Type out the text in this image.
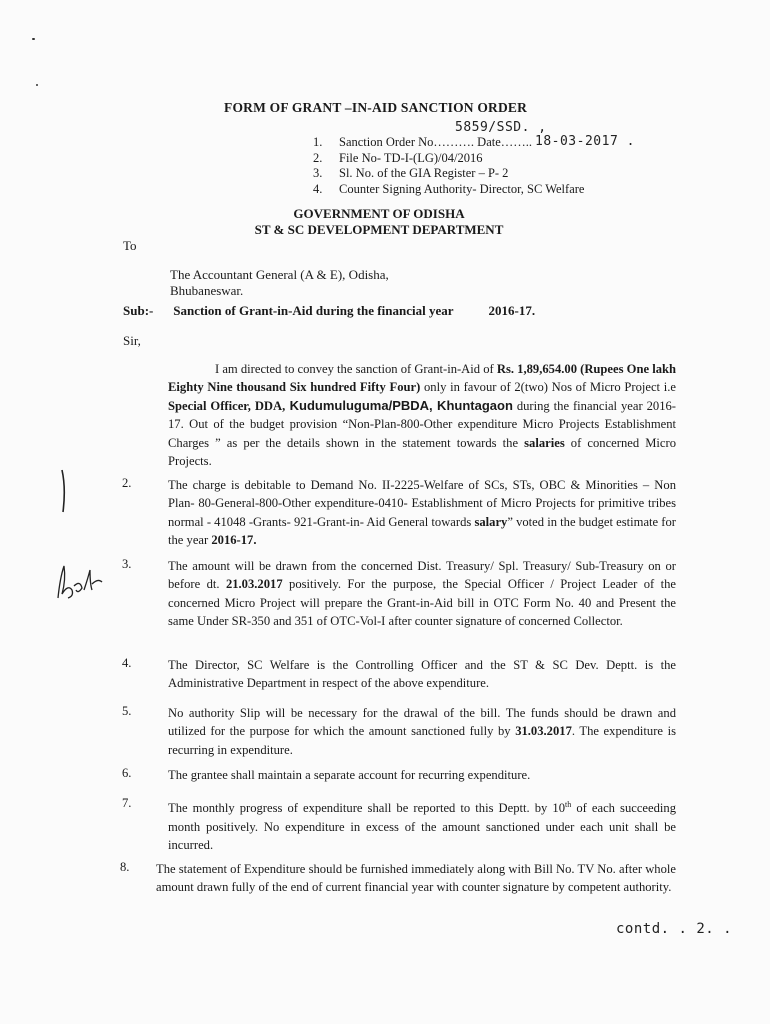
FORM OF GRANT –IN-AID SANCTION ORDER
5859/SSD. ,
18-03-2017 .
1.	Sanction Order No………. Date……..
2.	File No- TD-I-(LG)/04/2016
3.	Sl. No. of the GIA Register – P- 2
4.	Counter Signing Authority- Director, SC Welfare
GOVERNMENT OF ODISHA
ST & SC DEVELOPMENT DEPARTMENT
To
The Accountant General (A & E), Odisha,
Bhubaneswar.
Sub:- Sanction of Grant-in-Aid during the financial year	2016-17.
Sir,
I am directed to convey the sanction of Grant-in-Aid of Rs. 1,89,654.00 (Rupees One lakh Eighty Nine thousand Six hundred Fifty Four) only in favour of 2(two) Nos of Micro Project i.e Special Officer, DDA, Kudumuluguma/PBDA, Khuntagaon during the financial year 2016-17. Out of the budget provision “Non-Plan-800-Other expenditure Micro Projects Establishment Charges ” as per the details shown in the statement towards the salaries of concerned Micro Projects.
2.	The charge is debitable to Demand No. II-2225-Welfare of SCs, STs, OBC & Minorities – Non Plan- 80-General-800-Other expenditure-0410- Establishment of Micro Projects for primitive tribes normal - 41048 -Grants- 921-Grant-in- Aid General towards salary” voted in the budget estimate for the year 2016-17.
3.	The amount will be drawn from the concerned Dist. Treasury/ Spl. Treasury/ Sub-Treasury on or before dt. 21.03.2017 positively. For the purpose, the Special Officer / Project Leader of the concerned Micro Project will prepare the Grant-in-Aid bill in OTC Form No. 40 and Present the same Under SR-350 and 351 of OTC-Vol-I after counter signature of concerned Collector.
4.	The Director, SC Welfare is the Controlling Officer and the ST & SC Dev. Deptt. is the Administrative Department in respect of the above expenditure.
5.	No authority Slip will be necessary for the drawal of the bill. The funds should be drawn and utilized for the purpose for which the amount sanctioned fully by 31.03.2017. The expenditure is recurring in expenditure.
6.	The grantee shall maintain a separate account for recurring expenditure.
7.	The monthly progress of expenditure shall be reported to this Deptt. by 10th of each succeeding month positively. No expenditure in excess of the amount sanctioned under each unit shall be incurred.
8. The statement of Expenditure should be furnished immediately along with Bill No. TV No. after whole amount drawn fully of the end of current financial year with counter signature by competent authority.
contd. . 2. .
